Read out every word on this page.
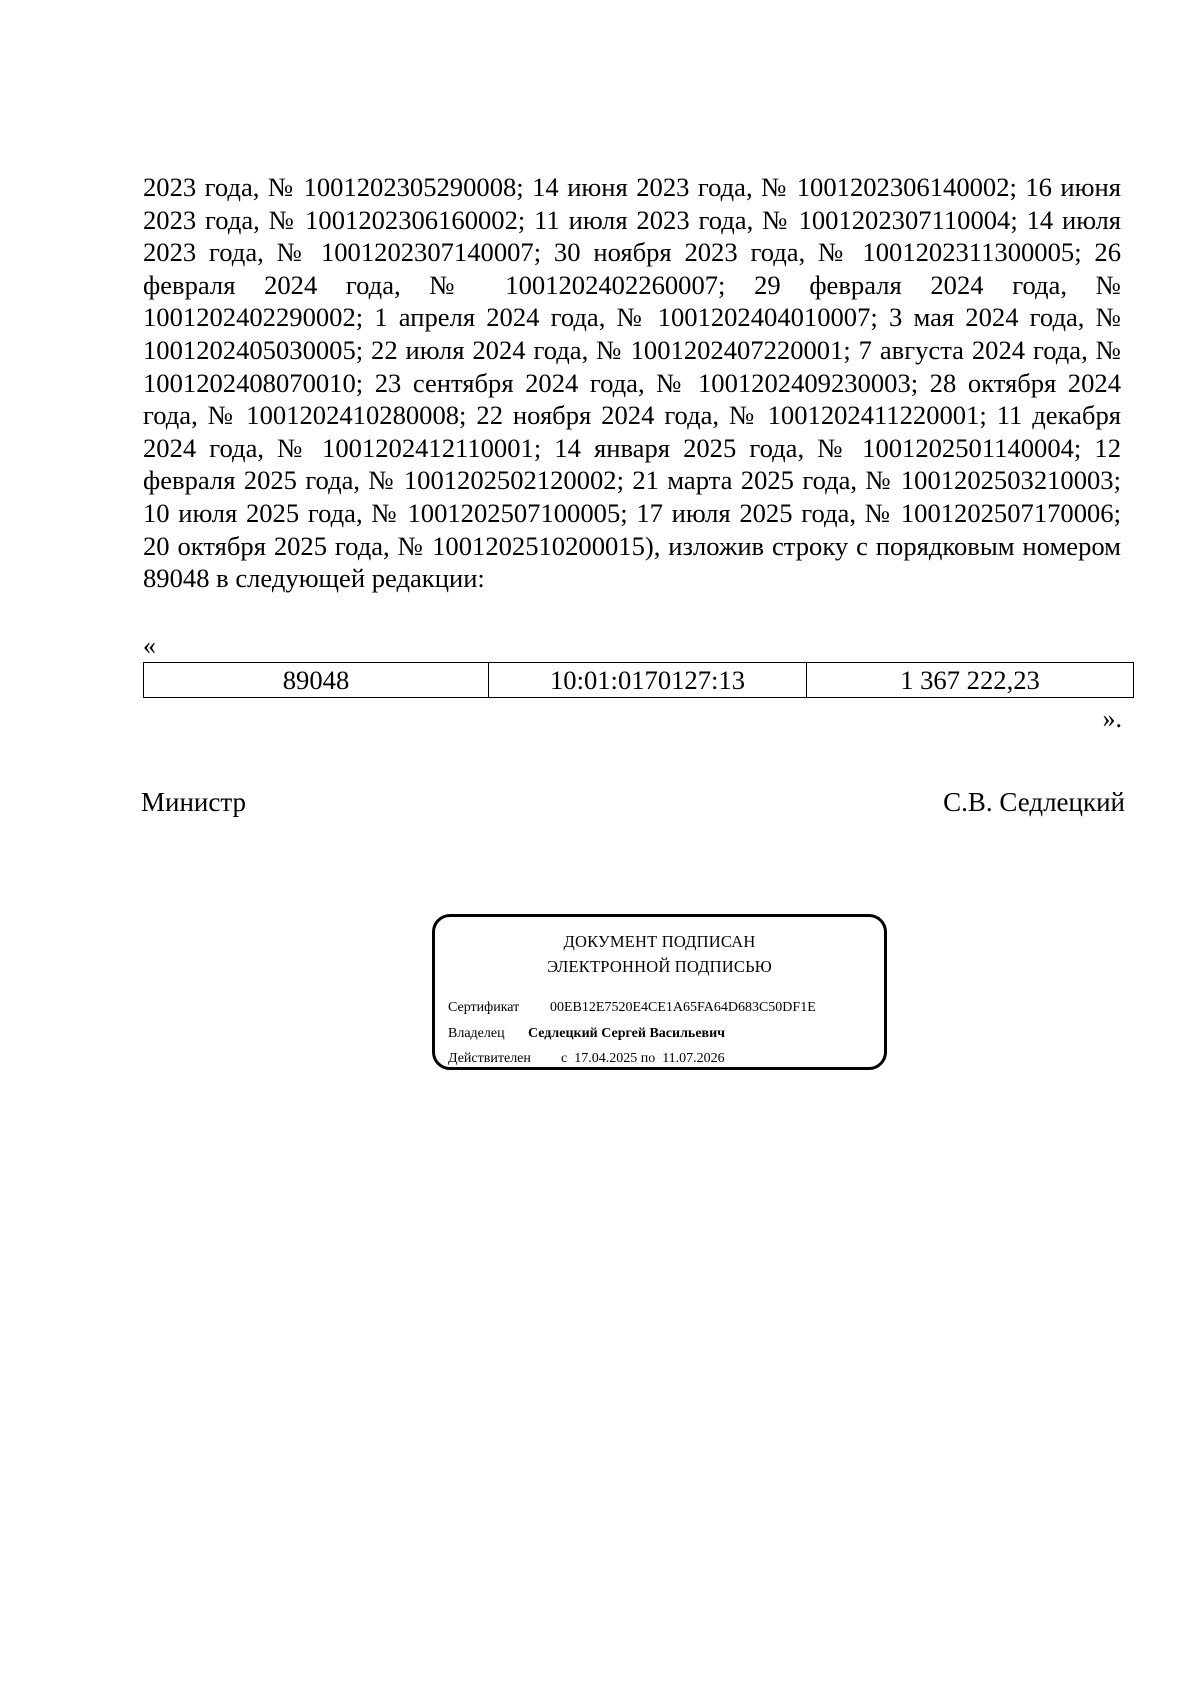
2023 года, № 1001202305290008; 14 июня 2023 года, № 1001202306140002; 16 июня 2023 года, № 1001202306160002; 11 июля 2023 года, № 1001202307110004; 14 июля 2023 года, № 1001202307140007; 30 ноября 2023 года, № 1001202311300005; 26 февраля 2024 года, № 1001202402260007; 29 февраля 2024 года, № 1001202402290002; 1 апреля 2024 года, № 1001202404010007; 3 мая 2024 года, № 1001202405030005; 22 июля 2024 года, № 1001202407220001; 7 августа 2024 года, № 1001202408070010; 23 сентября 2024 года, № 1001202409230003; 28 октября 2024 года, № 1001202410280008; 22 ноября 2024 года, № 1001202411220001; 11 декабря 2024 года, № 1001202412110001; 14 января 2025 года, № 1001202501140004; 12 февраля 2025 года, № 1001202502120002; 21 марта 2025 года, № 1001202503210003; 10 июля 2025 года, № 1001202507100005; 17 июля 2025 года, № 1001202507170006; 20 октября 2025 года, № 1001202510200015), изложив строку с порядковым номером 89048 в следующей редакции:

«

89048	10:01:0170127:13	1 367 222,23

».

Министр	С.В. Седлецкий

ДОКУМЕНТ ПОДПИСАН
ЭЛЕКТРОННОЙ ПОДПИСЬЮ

Сертификат 00EB12E7520E4CE1A65FA64D683C50DF1E

Владелец Седлецкий Сергей Васильевич

Действителен с  17.04.2025 по  11.07.2026
